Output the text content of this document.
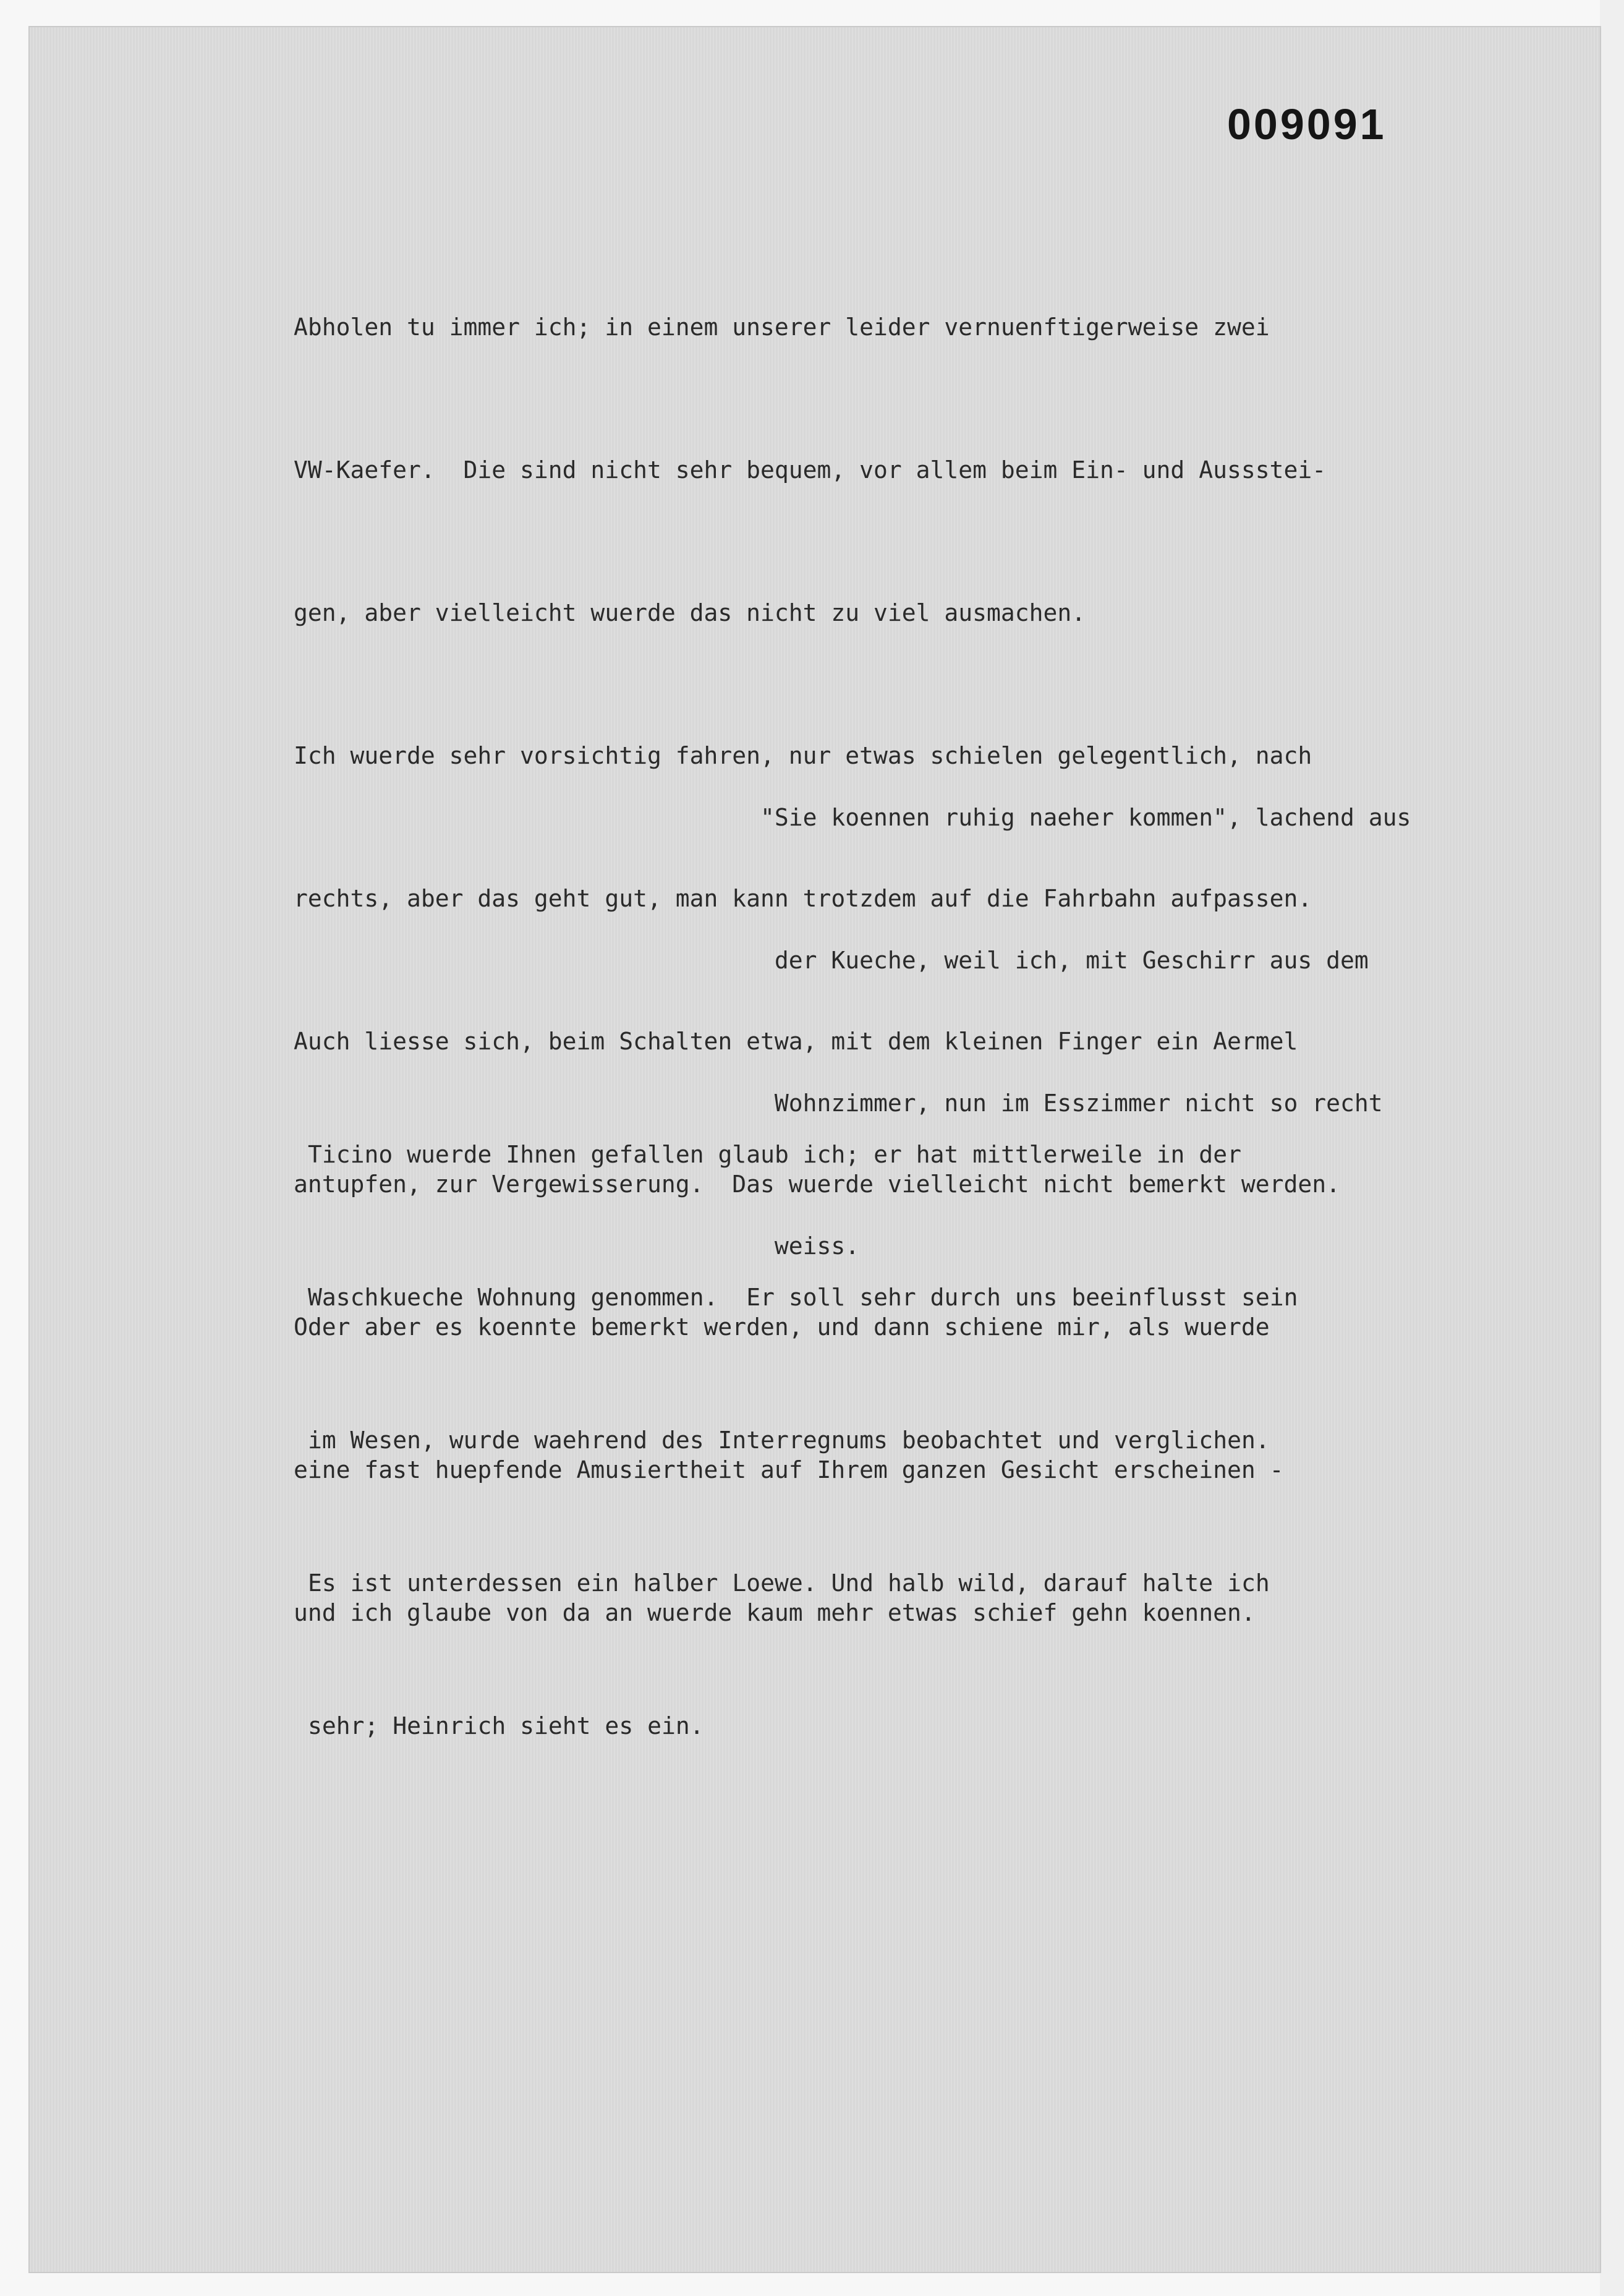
009091

Abholen tu immer ich; in einem unserer leider vernuenftigerweise zwei

VW-Kaefer.  Die sind nicht sehr bequem, vor allem beim Ein- und Aussstei-

gen, aber vielleicht wuerde das nicht zu viel ausmachen.

Ich wuerde sehr vorsichtig fahren, nur etwas schielen gelegentlich, nach

rechts, aber das geht gut, man kann trotzdem auf die Fahrbahn aufpassen.

Auch liesse sich, beim Schalten etwa, mit dem kleinen Finger ein Aermel

antupfen, zur Vergewisserung.  Das wuerde vielleicht nicht bemerkt werden.

Oder aber es koennte bemerkt werden, und dann schiene mir, als wuerde

eine fast huepfende Amusiertheit auf Ihrem ganzen Gesicht erscheinen -

und ich glaube von da an wuerde kaum mehr etwas schief gehn koennen.

"Sie koennen ruhig naeher kommen", lachend aus

der Kueche, weil ich, mit Geschirr aus dem

Wohnzimmer, nun im Esszimmer nicht so recht

weiss.

Ticino wuerde Ihnen gefallen glaub ich; er hat mittlerweile in der

Waschkueche Wohnung genommen.  Er soll sehr durch uns beeinflusst sein

im Wesen, wurde waehrend des Interregnums beobachtet und verglichen.

Es ist unterdessen ein halber Loewe. Und halb wild, darauf halte ich

sehr; Heinrich sieht es ein.
